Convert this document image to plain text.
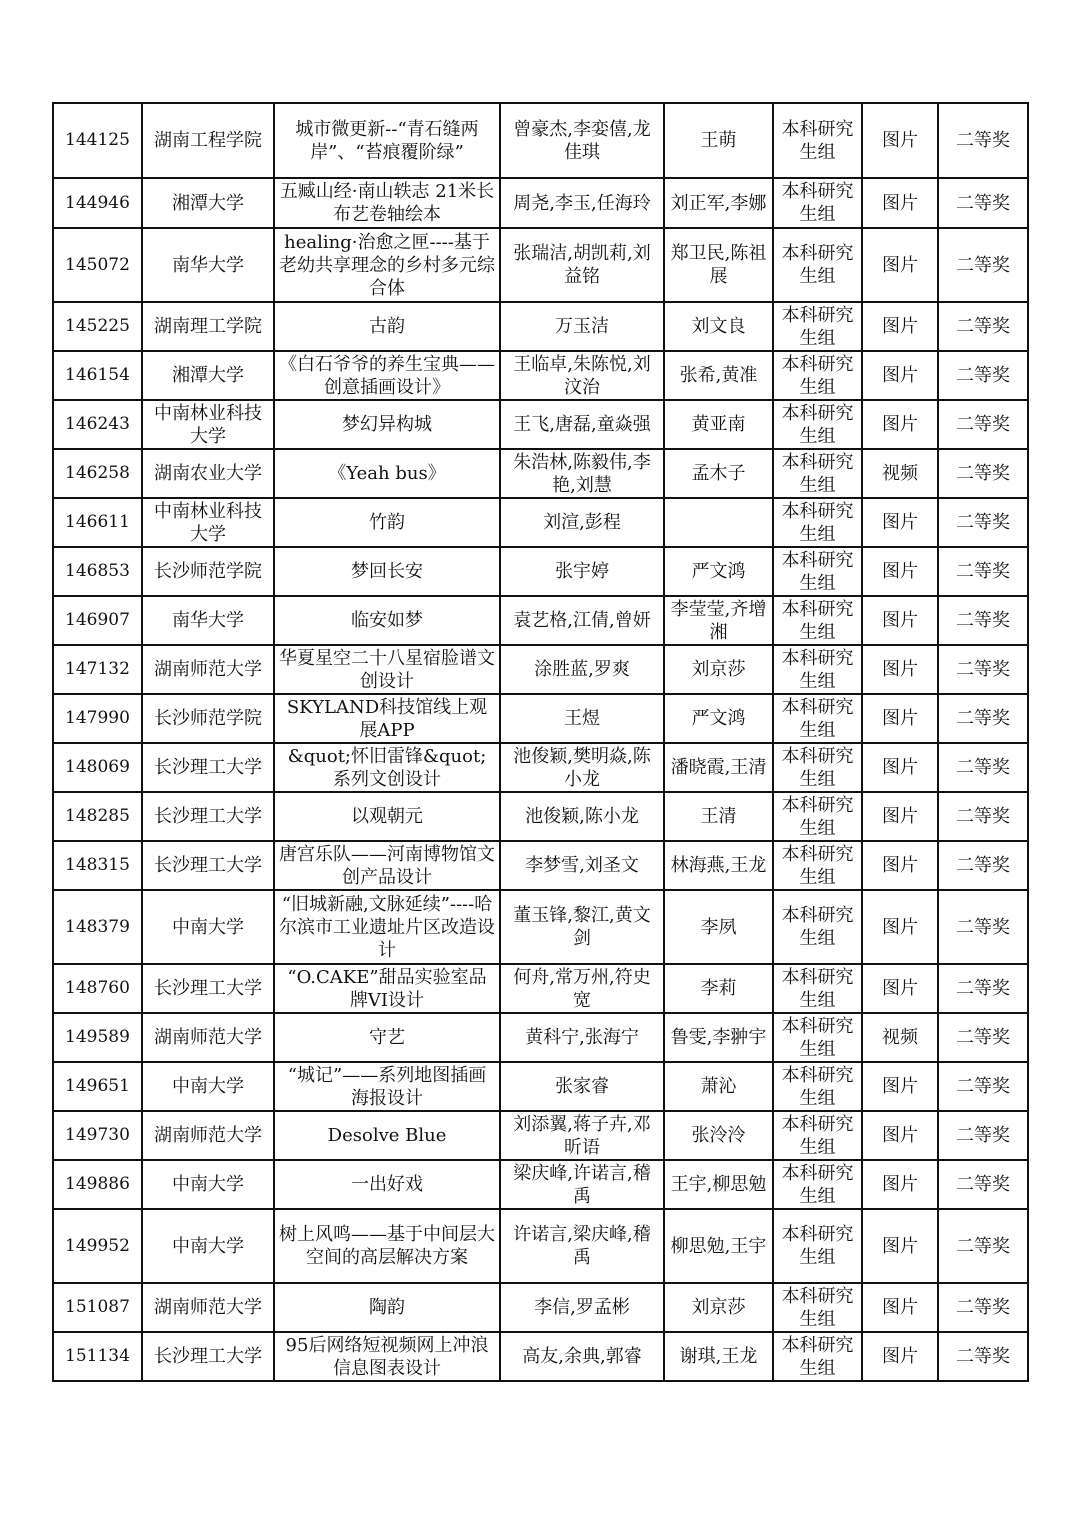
144125	湖南工程学院	城市微更新--“青石缝两岸”、“苔痕覆阶绿”	曾豪杰,李娈僖,龙佳琪	王萌	本科研究生组	图片	二等奖
144946	湘潭大学	五臧山经·南山轶志 21米长布艺卷轴绘本	周尧,李玉,任海玲	刘正军,李娜	本科研究生组	图片	二等奖
145072	南华大学	healing·治愈之匣----基于老幼共享理念的乡村多元综合体	张瑞洁,胡凯莉,刘益铭	郑卫民,陈祖展	本科研究生组	图片	二等奖
145225	湖南理工学院	古韵	万玉洁	刘文良	本科研究生组	图片	二等奖
146154	湘潭大学	《白石爷爷的养生宝典——创意插画设计》	王临卓,朱陈悦,刘汶治	张希,黄准	本科研究生组	图片	二等奖
146243	中南林业科技大学	梦幻异构城	王飞,唐磊,童焱强	黄亚南	本科研究生组	图片	二等奖
146258	湖南农业大学	《Yeah bus》	朱浩林,陈毅伟,李艳,刘慧	孟木子	本科研究生组	视频	二等奖
146611	中南林业科技大学	竹韵	刘渲,彭程		本科研究生组	图片	二等奖
146853	长沙师范学院	梦回长安	张宇婷	严文鸿	本科研究生组	图片	二等奖
146907	南华大学	临安如梦	袁艺格,江倩,曾妍	李莹莹,齐增湘	本科研究生组	图片	二等奖
147132	湖南师范大学	华夏星空二十八星宿脸谱文创设计	涂胜蓝,罗爽	刘京莎	本科研究生组	图片	二等奖
147990	长沙师范学院	SKYLAND科技馆线上观展APP	王煜	严文鸿	本科研究生组	图片	二等奖
148069	长沙理工大学	&quot;怀旧雷锋&quot;系列文创设计	池俊颖,樊明焱,陈小龙	潘晓霞,王清	本科研究生组	图片	二等奖
148285	长沙理工大学	以观朝元	池俊颖,陈小龙	王清	本科研究生组	图片	二等奖
148315	长沙理工大学	唐宫乐队——河南博物馆文创产品设计	李梦雪,刘圣文	林海燕,王龙	本科研究生组	图片	二等奖
148379	中南大学	“旧城新融,文脉延续”----哈尔滨市工业遗址片区改造设计	董玉锋,黎江,黄文剑	李夙	本科研究生组	图片	二等奖
148760	长沙理工大学	“O.CAKE”甜品实验室品牌VI设计	何舟,常万州,符史宽	李莉	本科研究生组	图片	二等奖
149589	湖南师范大学	守艺	黄科宁,张海宁	鲁雯,李翀宇	本科研究生组	视频	二等奖
149651	中南大学	“城记”——系列地图插画海报设计	张家睿	萧沁	本科研究生组	图片	二等奖
149730	湖南师范大学	Desolve Blue	刘添翼,蒋子卉,邓昕语	张泠泠	本科研究生组	图片	二等奖
149886	中南大学	一出好戏	梁庆峰,许诺言,稽禹	王宇,柳思勉	本科研究生组	图片	二等奖
149952	中南大学	树上风鸣——基于中间层大空间的高层解决方案	许诺言,梁庆峰,稽禹	柳思勉,王宇	本科研究生组	图片	二等奖
151087	湖南师范大学	陶韵	李信,罗孟彬	刘京莎	本科研究生组	图片	二等奖
151134	长沙理工大学	95后网络短视频网上冲浪信息图表设计	高友,余典,郭睿	谢琪,王龙	本科研究生组	图片	二等奖
